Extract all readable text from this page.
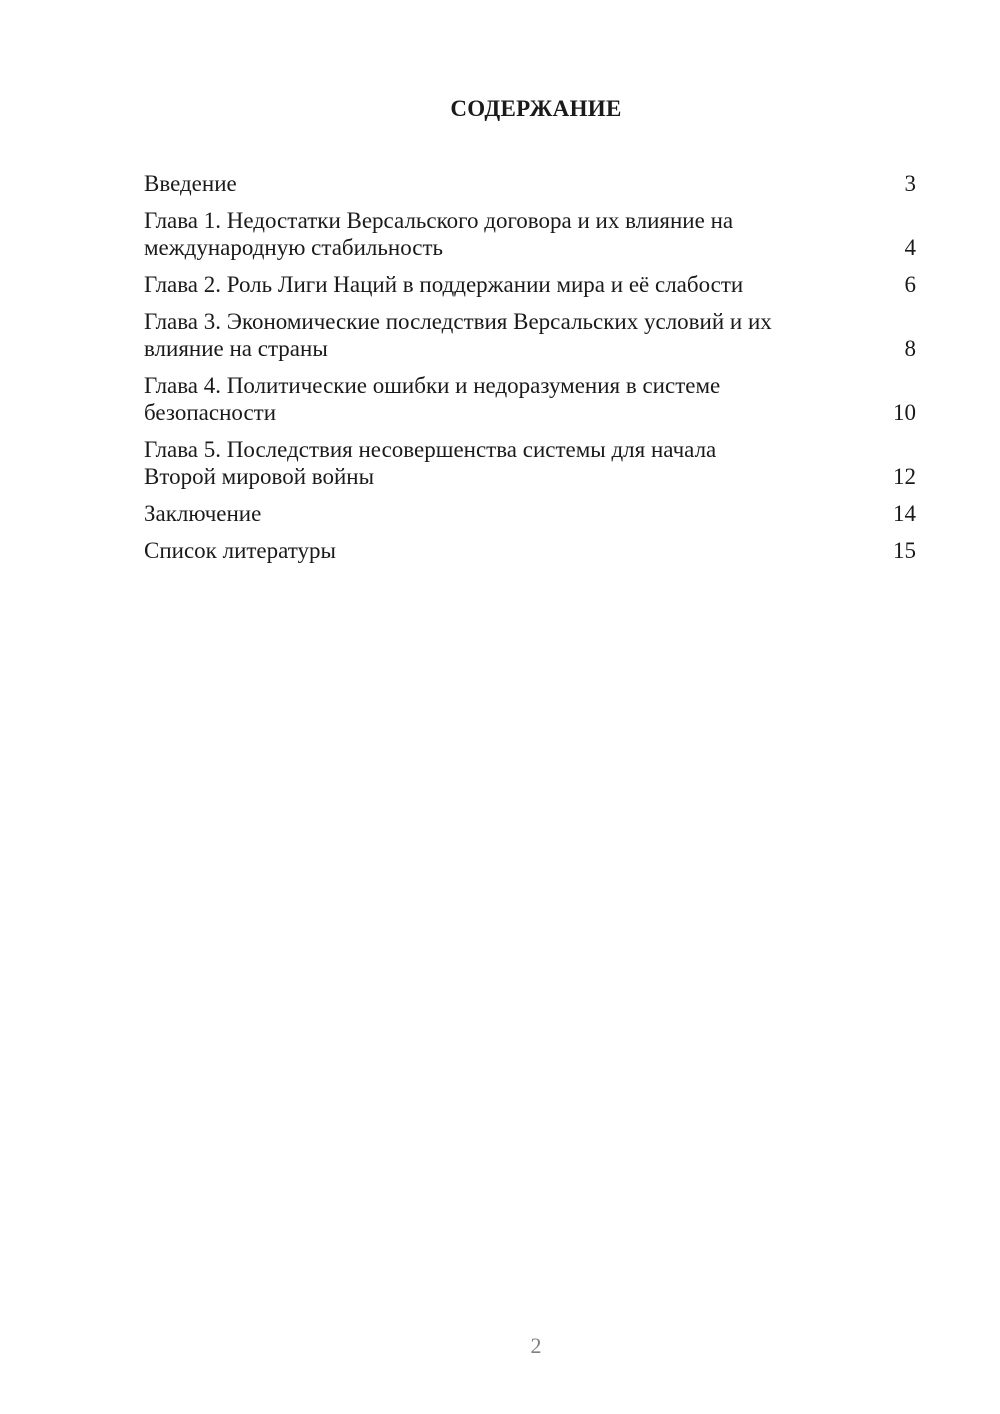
СОДЕРЖАНИЕ
Введение	3
Глава 1. Недостатки Версальского договора и их влияние на
международную стабильность	4
Глава 2. Роль Лиги Наций в поддержании мира и её слабости	6
Глава 3. Экономические последствия Версальских условий и их
влияние на страны	8
Глава 4. Политические ошибки и недоразумения в системе
безопасности	10
Глава 5. Последствия несовершенства системы для начала
Второй мировой войны	12
Заключение	14
Список литературы	15
2
